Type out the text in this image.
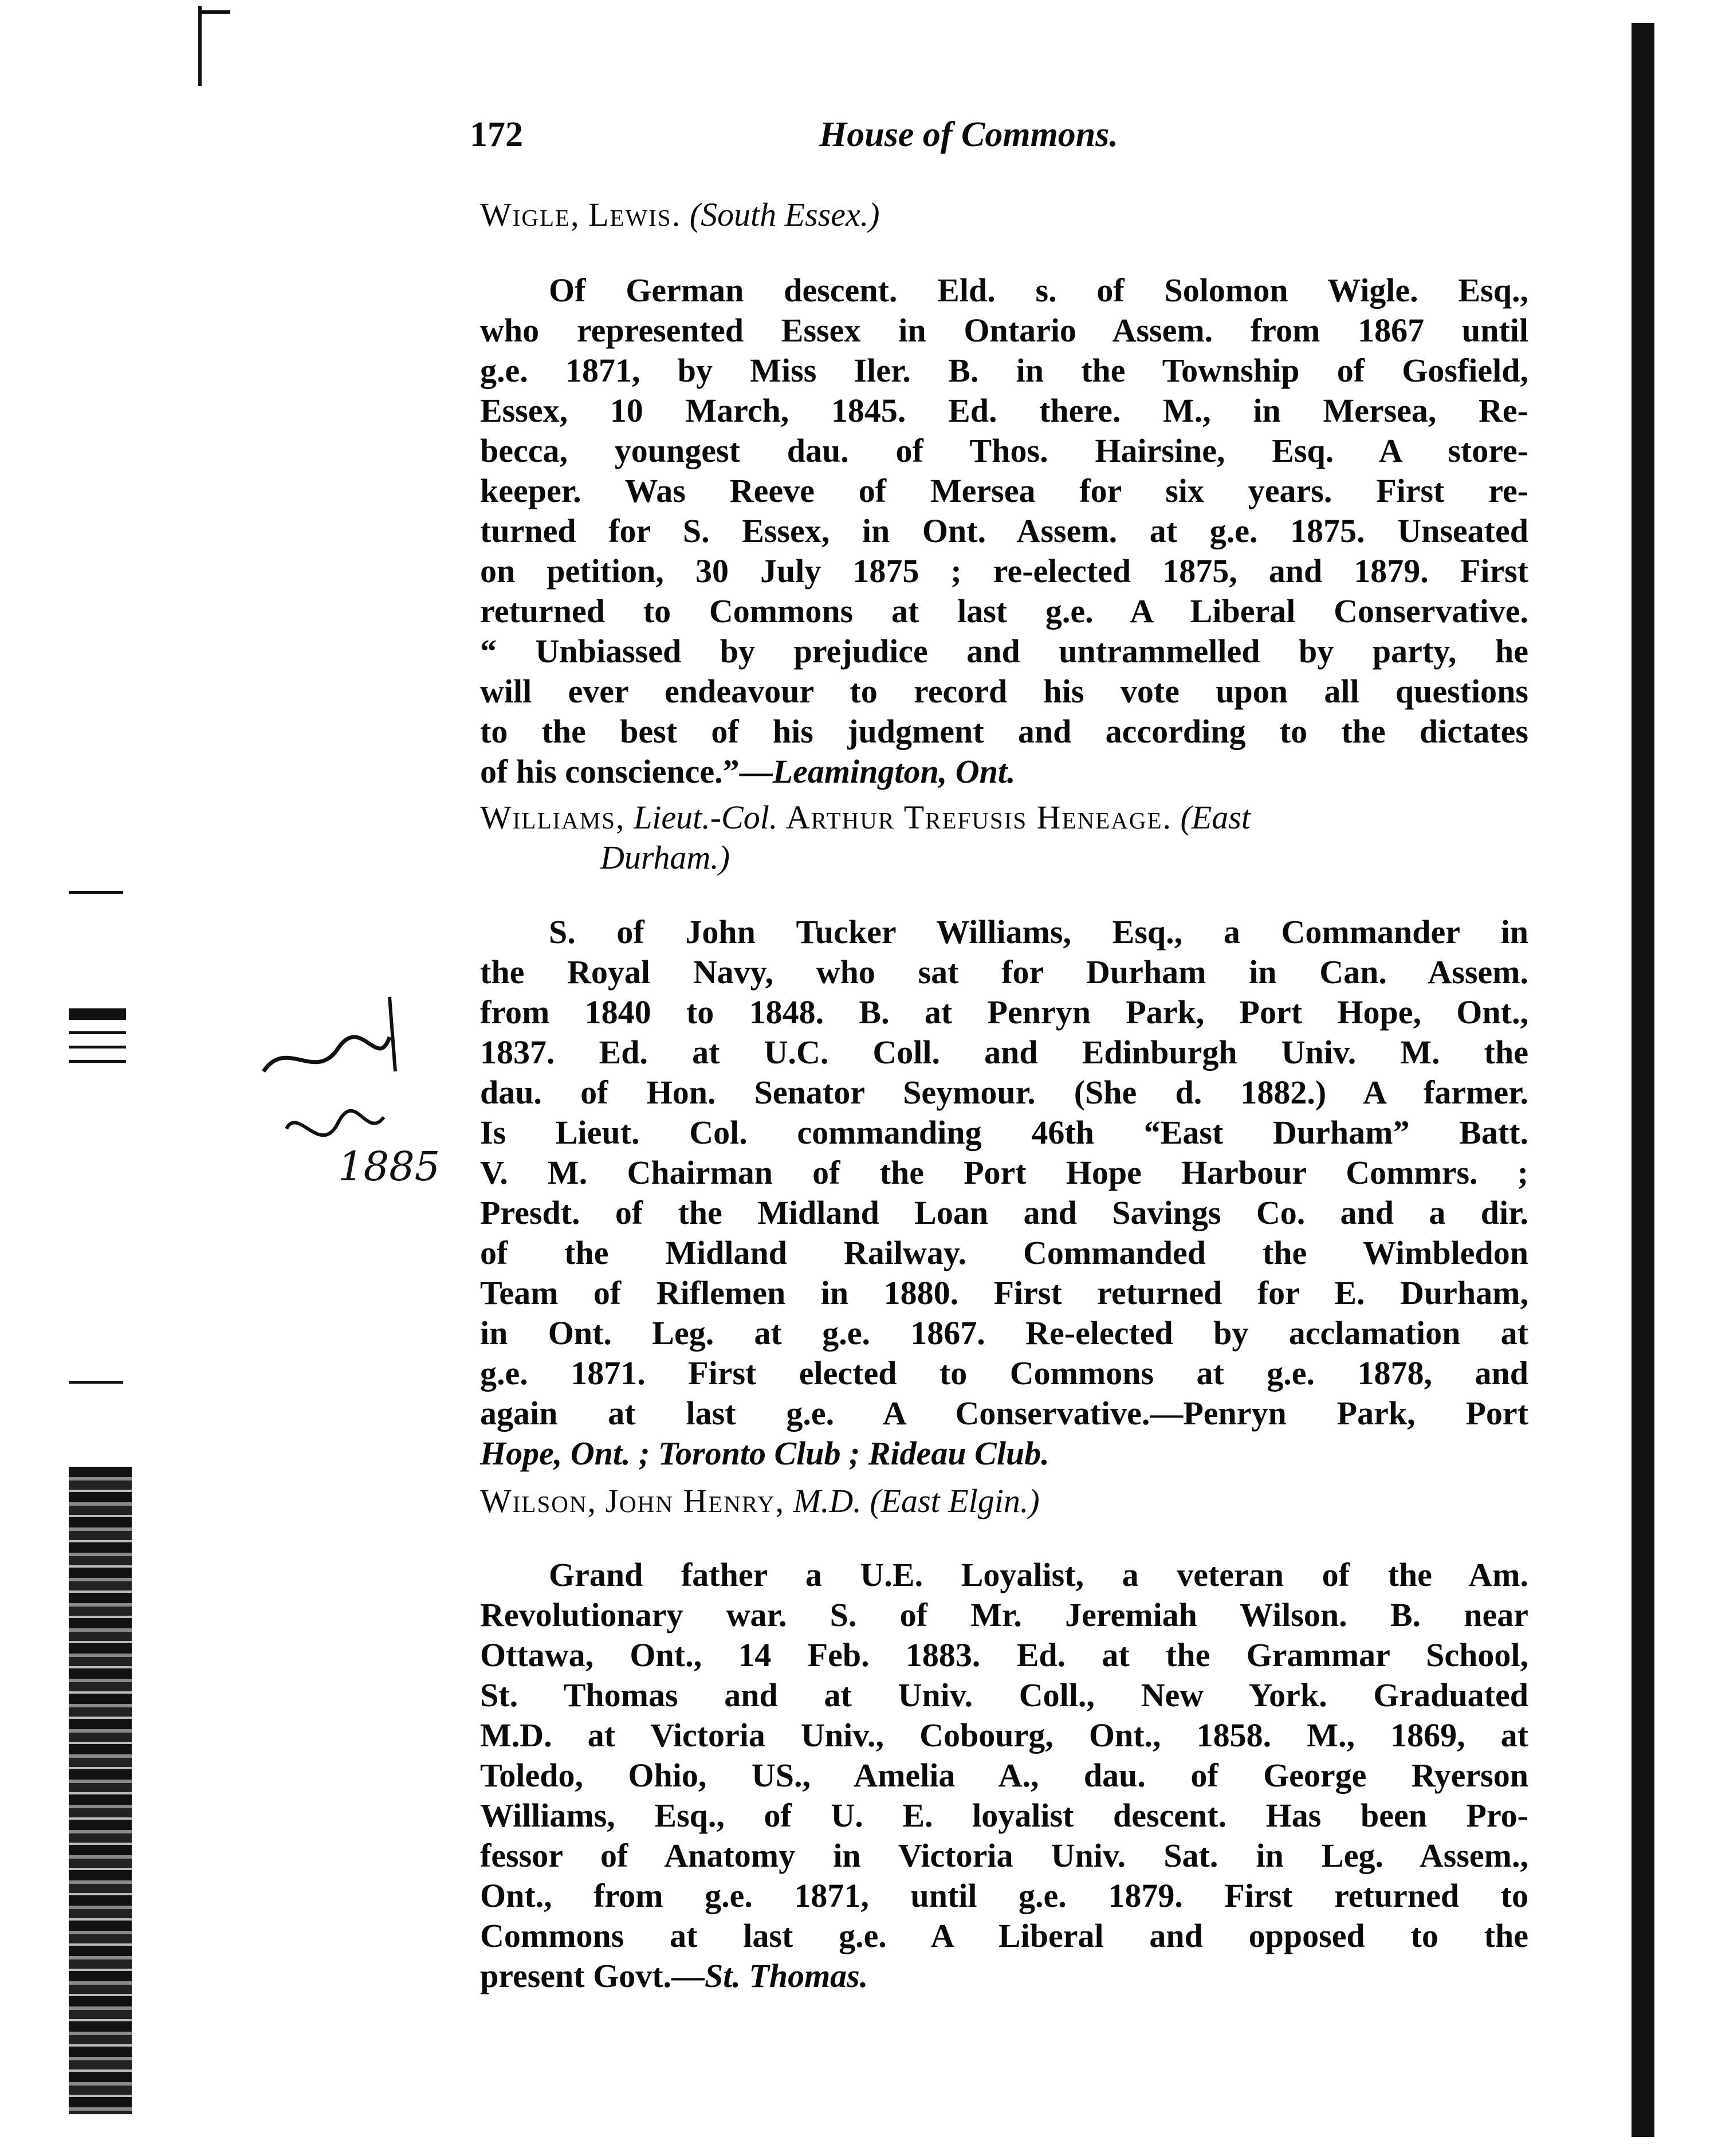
1885
172	House of Commons.
Wigle, Lewis. (South Essex.)
Of German descent. Eld. s. of Solomon Wigle. Esq.,
who represented Essex in Ontario Assem. from 1867 until
g.e. 1871, by Miss Iler. B. in the Township of Gosfield,
Essex, 10 March, 1845. Ed. there. M., in Mersea, Re-
becca, youngest dau. of Thos. Hairsine, Esq. A store-
keeper. Was Reeve of Mersea for six years. First re-
turned for S. Essex, in Ont. Assem. at g.e. 1875. Unseated
on petition, 30 July 1875 ; re-elected 1875, and 1879. First
returned to Commons at last g.e. A Liberal Conservative.
“ Unbiassed by prejudice and untrammelled by party, he
will ever endeavour to record his vote upon all questions
to the best of his judgment and according to the dictates
of his conscience.”—Leamington, Ont.
Williams, Lieut.-Col. Arthur Trefusis Heneage. (East
Durham.)
S. of John Tucker Williams, Esq., a Commander in
the Royal Navy, who sat for Durham in Can. Assem.
from 1840 to 1848. B. at Penryn Park, Port Hope, Ont.,
1837. Ed. at U.C. Coll. and Edinburgh Univ. M. the
dau. of Hon. Senator Seymour. (She d. 1882.) A farmer.
Is Lieut. Col. commanding 46th “East Durham” Batt.
V. M. Chairman of the Port Hope Harbour Commrs. ;
Presdt. of the Midland Loan and Savings Co. and a dir.
of the Midland Railway. Commanded the Wimbledon
Team of Riflemen in 1880. First returned for E. Durham,
in Ont. Leg. at g.e. 1867. Re-elected by acclamation at
g.e. 1871. First elected to Commons at g.e. 1878, and
again at last g.e. A Conservative.—Penryn Park, Port
Hope, Ont. ; Toronto Club ; Rideau Club.
Wilson, John Henry, M.D. (East Elgin.)
Grand father a U.E. Loyalist, a veteran of the Am.
Revolutionary war. S. of Mr. Jeremiah Wilson. B. near
Ottawa, Ont., 14 Feb. 1883. Ed. at the Grammar School,
St. Thomas and at Univ. Coll., New York. Graduated
M.D. at Victoria Univ., Cobourg, Ont., 1858. M., 1869, at
Toledo, Ohio, US., Amelia A., dau. of George Ryerson
Williams, Esq., of U. E. loyalist descent. Has been Pro-
fessor of Anatomy in Victoria Univ. Sat. in Leg. Assem.,
Ont., from g.e. 1871, until g.e. 1879. First returned to
Commons at last g.e. A Liberal and opposed to the
present Govt.—St. Thomas.
